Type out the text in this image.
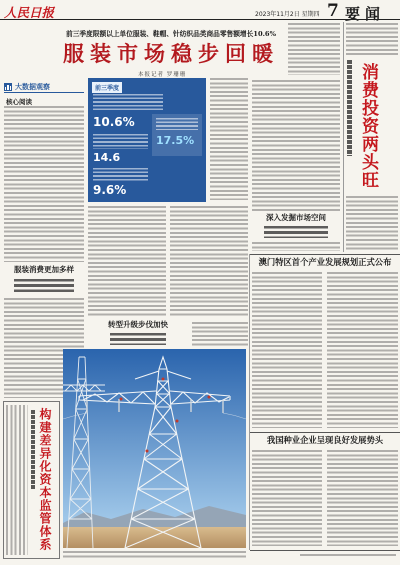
人民日报	2023年11月2日 星期四 7 要闻
前三季度限额以上单位服装、鞋帽、针纺织品类商品零售额增长10.6%
服装市场稳步回暖
本报记者 罗珊珊
大数据观察
核心阅读
服装消费更加多样
前三季度
10.6%
17.5%
14.6
9.6%
转型升级步伐加快
深入发掘市场空间
消费投资两头旺
澳门特区首个产业发展规划正式公布
我国种业企业呈现良好发展势头
构建差异化资本监管体系
